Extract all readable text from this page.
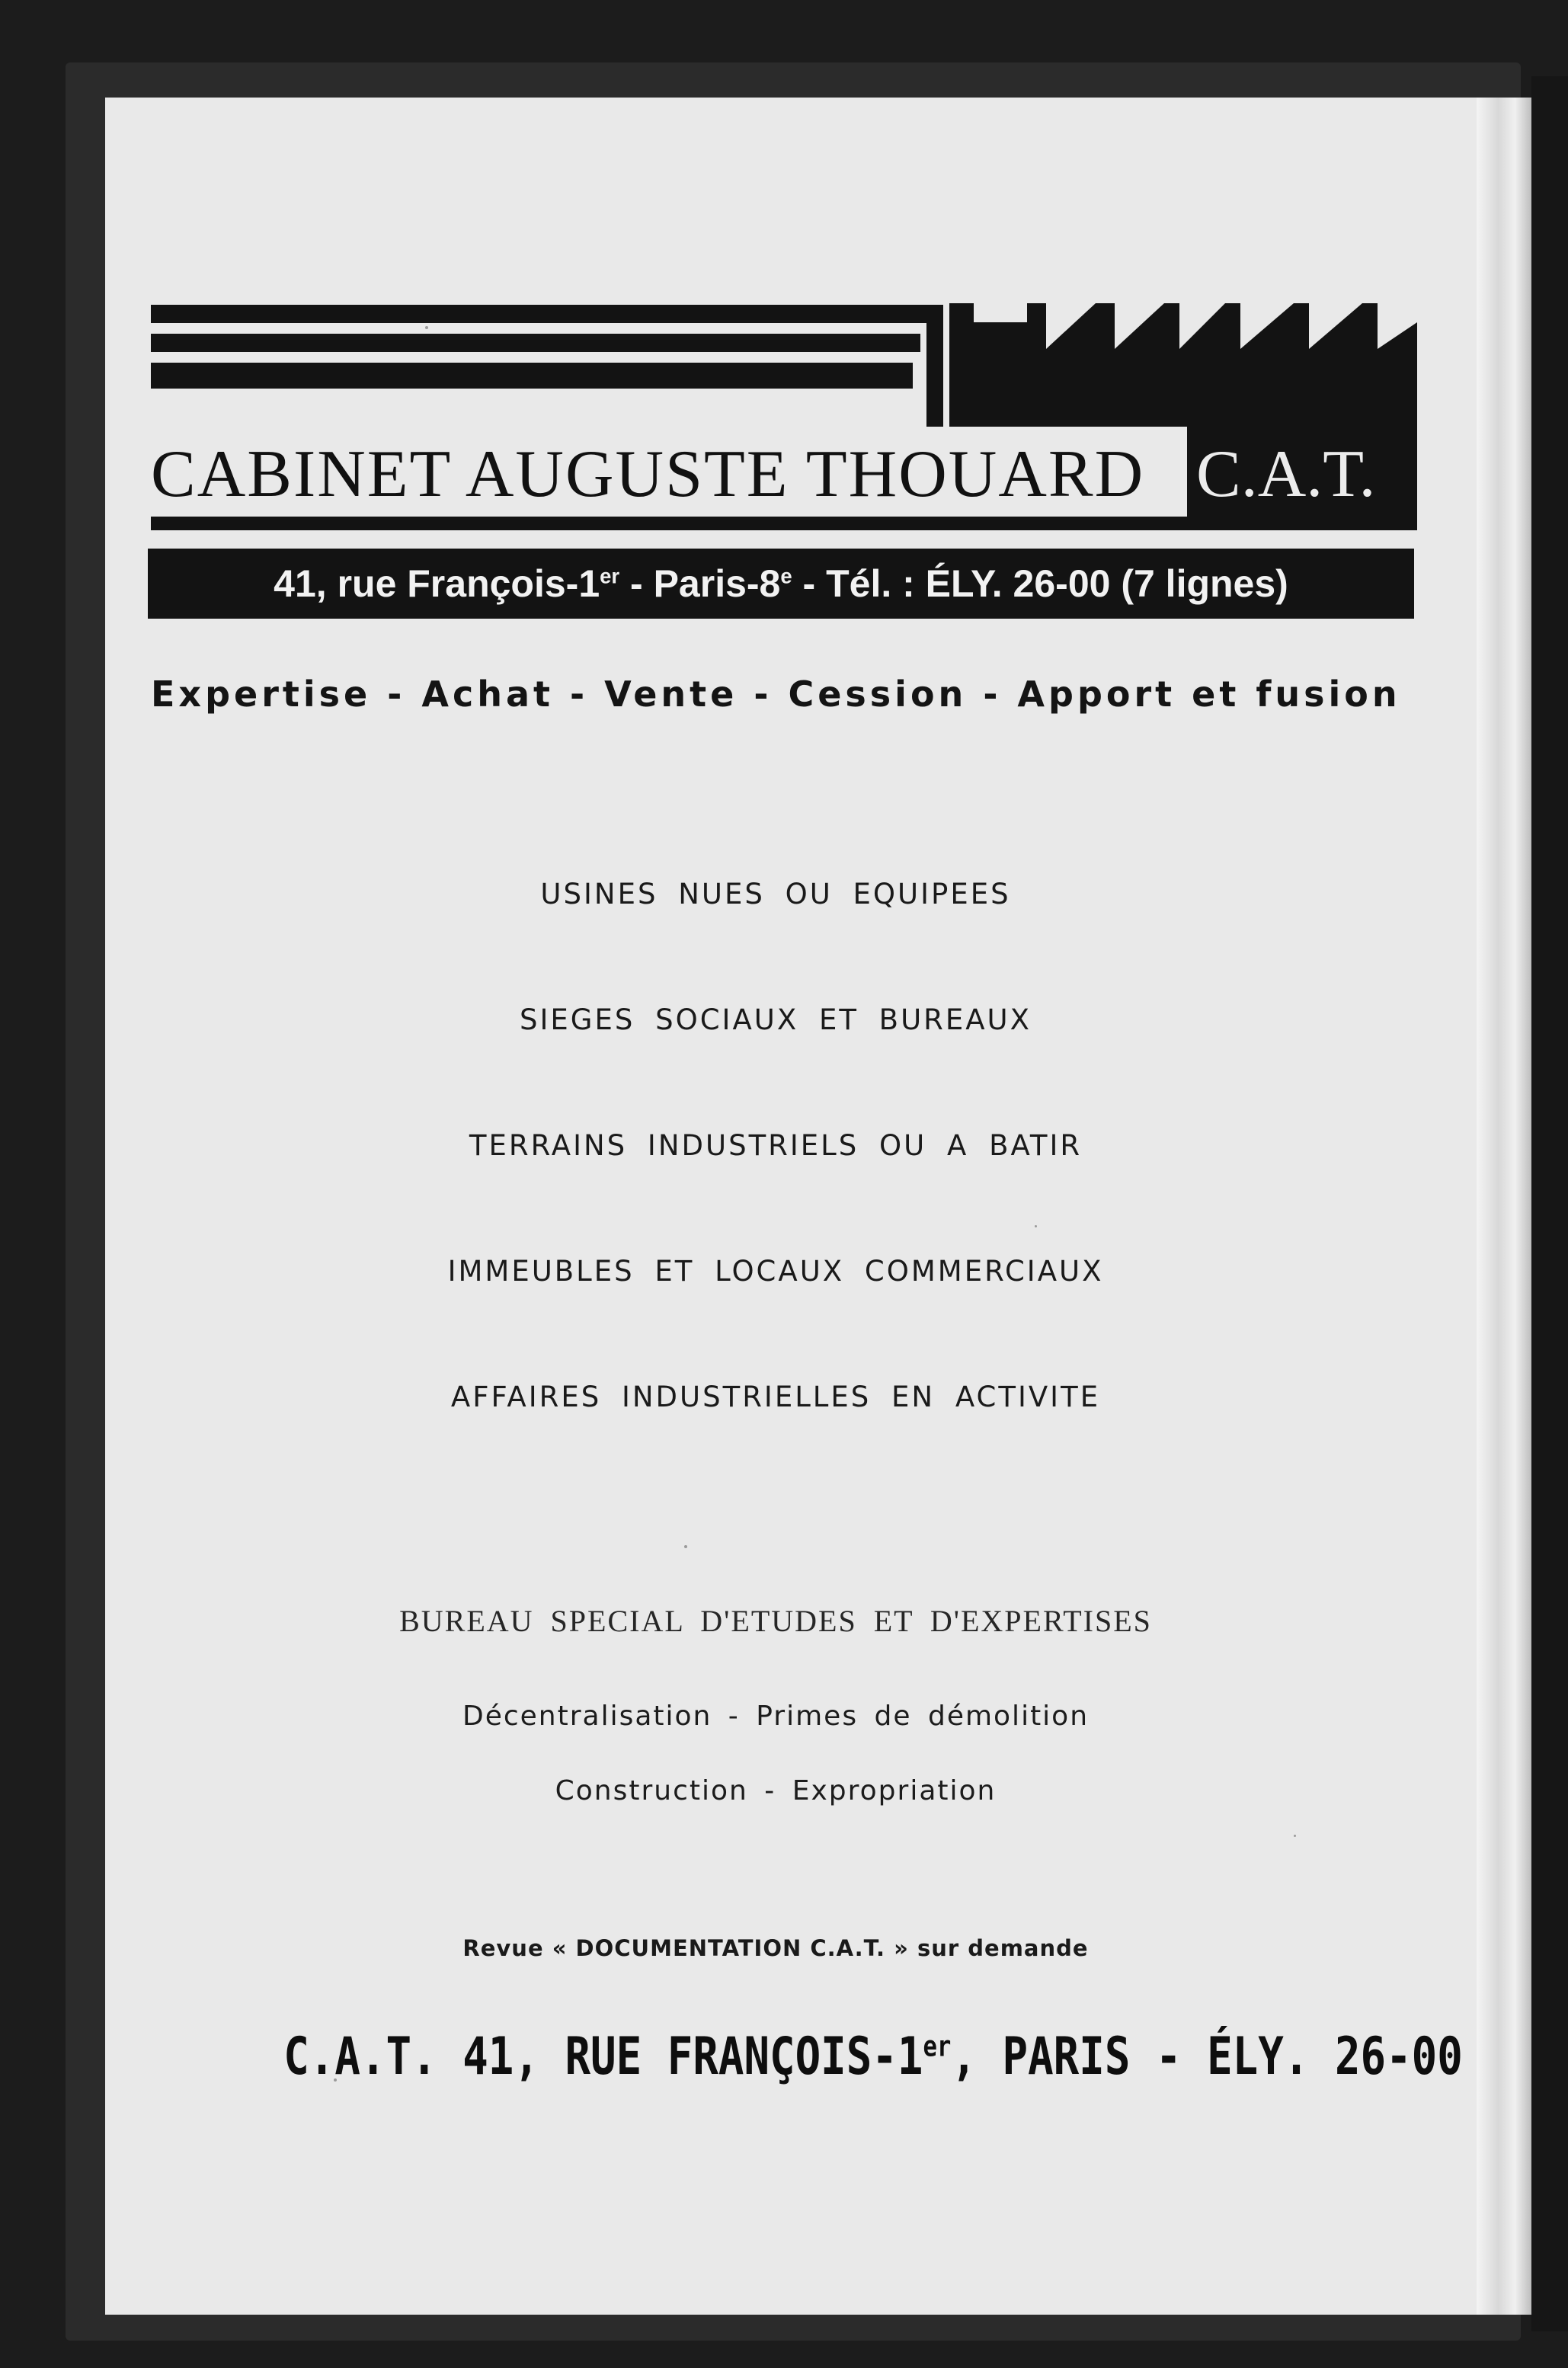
CABINET AUGUSTE THOUARD C.A.T.
41, rue François-1er - Paris-8e - Tél. : ÉLY. 26-00 (7 lignes)
Expertise - Achat - Vente - Cession - Apport et fusion
USINES NUES OU EQUIPEES
SIEGES SOCIAUX ET BUREAUX
TERRAINS INDUSTRIELS OU A BATIR
IMMEUBLES ET LOCAUX COMMERCIAUX
AFFAIRES INDUSTRIELLES EN ACTIVITE
BUREAU SPECIAL D'ETUDES ET D'EXPERTISES
Décentralisation - Primes de démolition
Construction - Expropriation
Revue « DOCUMENTATION C.A.T. » sur demande
C.A.T. 41, RUE FRANÇOIS-1er, PARIS - ÉLY. 26-00
